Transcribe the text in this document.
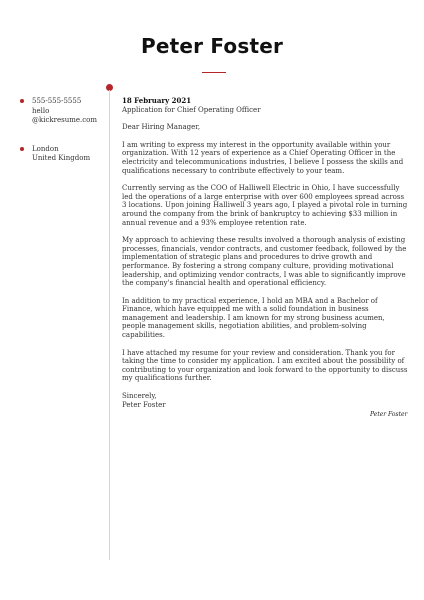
Peter Foster
555-555-5555
hello
@kickresume.com
London
United Kingdom
18 February 2021
Application for Chief Operating Officer

Dear Hiring Manager,

I am writing to express my interest in the opportunity available within your organization. With 12 years of experience as a Chief Operating Officer in the electricity and telecommunications industries, I believe I possess the skills and qualifications necessary to contribute effectively to your team.

Currently serving as the COO of Halliwell Electric in Ohio, I have successfully led the operations of a large enterprise with over 600 employees spread across 3 locations. Upon joining Halliwell 3 years ago, I played a pivotal role in turning around the company from the brink of bankruptcy to achieving $33 million in annual revenue and a 93% employee retention rate.

My approach to achieving these results involved a thorough analysis of existing processes, financials, vendor contracts, and customer feedback, followed by the implementation of strategic plans and procedures to drive growth and performance. By fostering a strong company culture, providing motivational leadership, and optimizing vendor contracts, I was able to significantly improve the company's financial health and operational efficiency.

In addition to my practical experience, I hold an MBA and a Bachelor of Finance, which have equipped me with a solid foundation in business management and leadership. I am known for my strong business acumen, people management skills, negotiation abilities, and problem-solving capabilities.

I have attached my resume for your review and consideration. Thank you for taking the time to consider my application. I am excited about the possibility of contributing to your organization and look forward to the opportunity to discuss my qualifications further.

Sincerely,
Peter Foster
Peter Foster
